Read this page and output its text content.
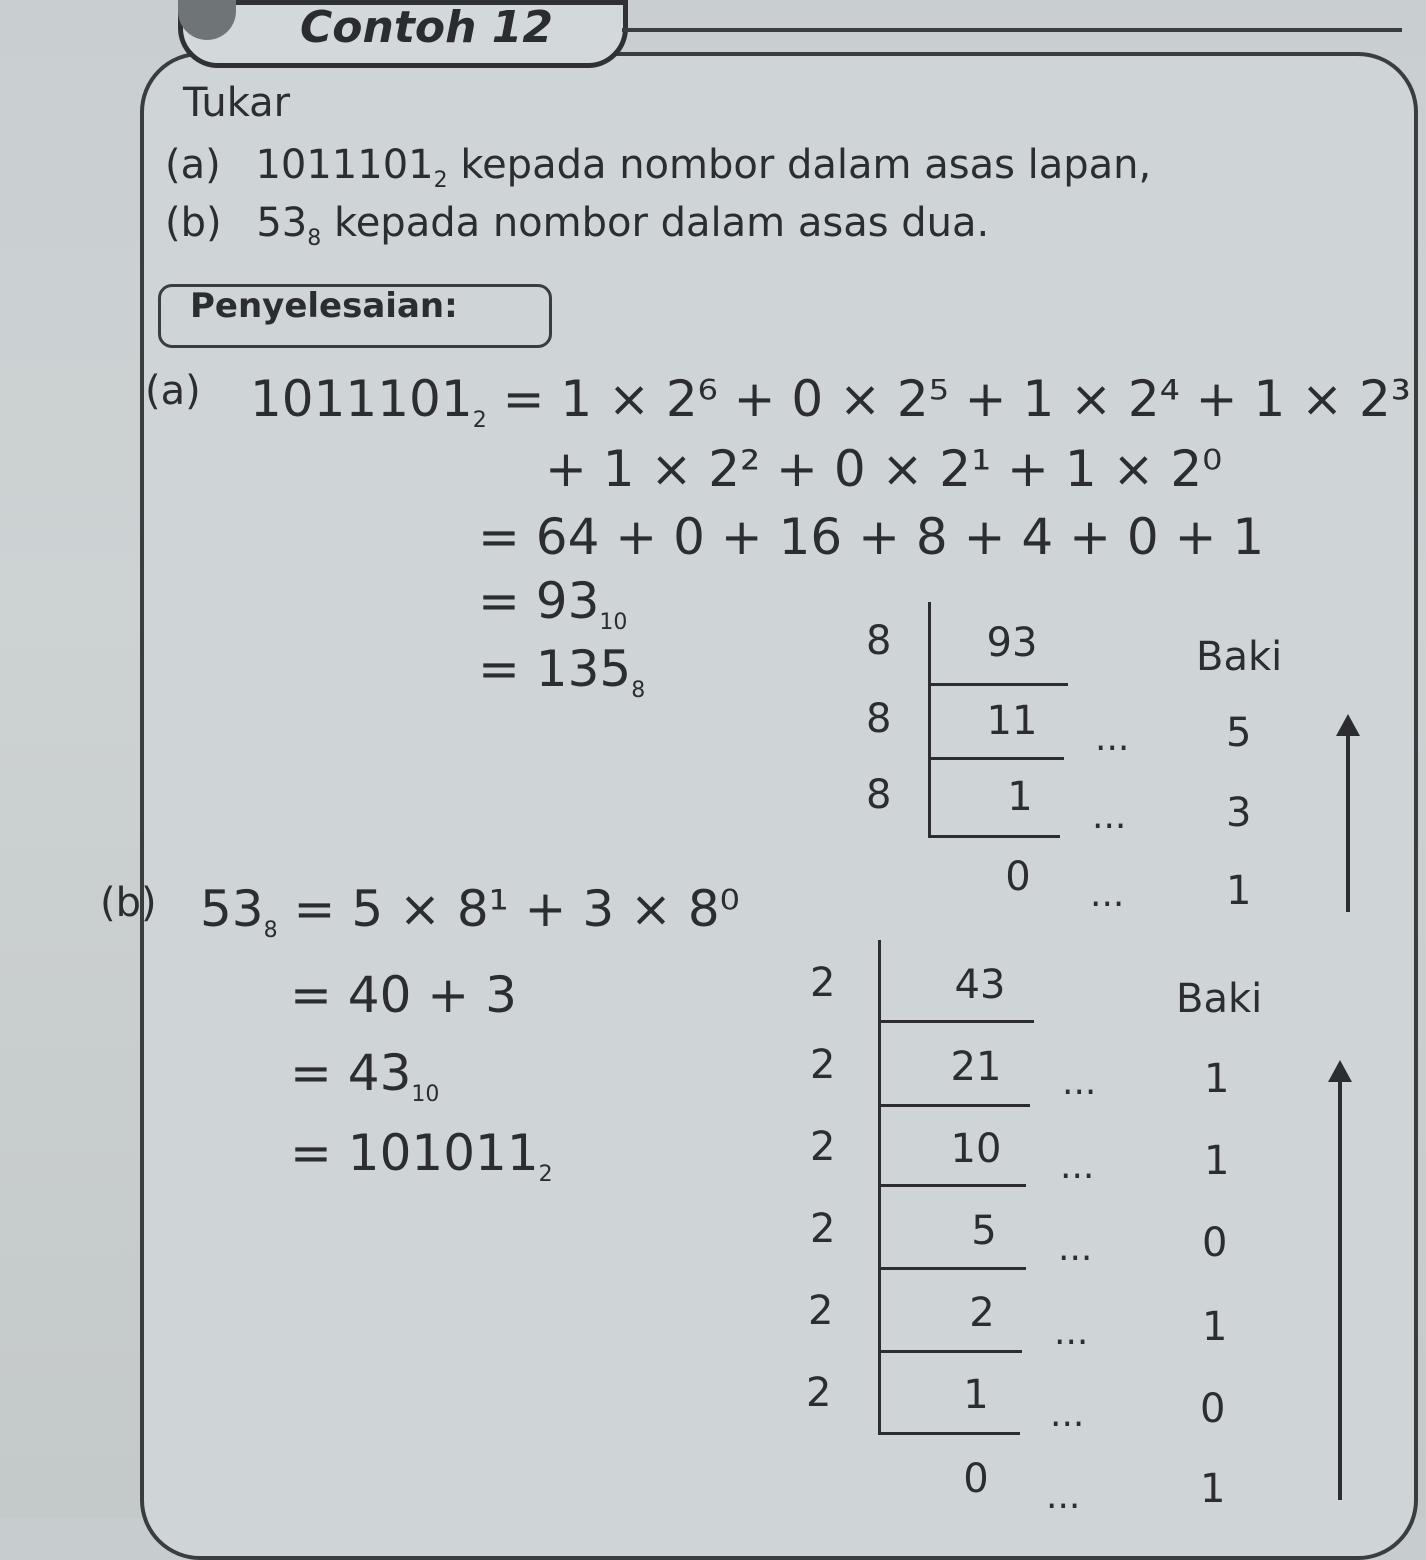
Contoh 12
Tukar
(a) $1011101_2$ kepada nombor dalam asas lapan,
(b) $53_8$ kepada nombor dalam asas dua.
Penyelesaian:
(a) $1011101_2 = 1 \times 2^6 + 0 \times 2^5 + 1 \times 2^4 + 1 \times 2^3$
+ 1 × 2² + 0 × 2¹ + 1 × 2⁰
= 64 + 0 + 16 + 8 + 4 + 0 + 1
= $93_{10}$
= $135_8$
8
8
8
93
11
1
0
...
...
...
Baki
5
3
1
(b) $53_8 = 5 \times 8^1 + 3 \times 8^0$
= 40 + 3
= $43_{10}$
= $101011_2$
2
2
2
2
2
2
43
21
10
5
2
1
0
...
...
...
...
...
...
Baki
1
1
0
1
0
1
